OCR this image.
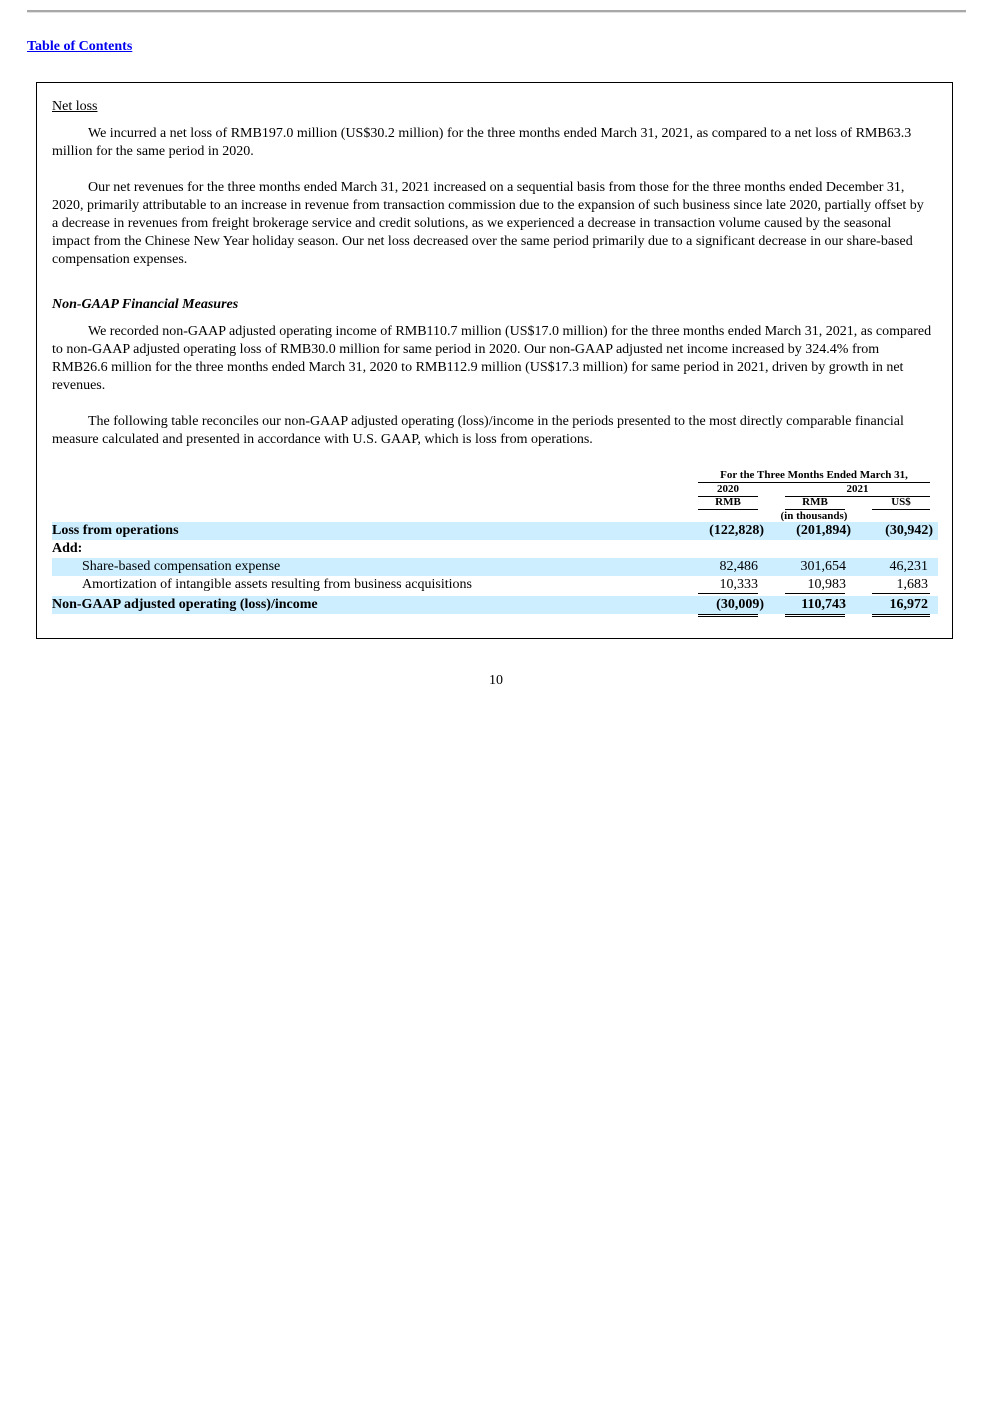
Table of Contents
Net loss

We incurred a net loss of RMB197.0 million (US$30.2 million) for the three months ended March 31, 2021, as compared to a net loss of RMB63.3 million for the same period in 2020.

Our net revenues for the three months ended March 31, 2021 increased on a sequential basis from those for the three months ended December 31, 2020, primarily attributable to an increase in revenue from transaction commission due to the expansion of such business since late 2020, partially offset by a decrease in revenues from freight brokerage service and credit solutions, as we experienced a decrease in transaction volume caused by the seasonal impact from the Chinese New Year holiday season. Our net loss decreased over the same period primarily due to a significant decrease in our share-based compensation expenses.

Non-GAAP Financial Measures

We recorded non-GAAP adjusted operating income of RMB110.7 million (US$17.0 million) for the three months ended March 31, 2021, as compared to non-GAAP adjusted operating loss of RMB30.0 million for same period in 2020. Our non-GAAP adjusted net income increased by 324.4% from RMB26.6 million for the three months ended March 31, 2020 to RMB112.9 million (US$17.3 million) for same period in 2021, driven by growth in net revenues.

The following table reconciles our non-GAAP adjusted operating (loss)/income in the periods presented to the most directly comparable financial measure calculated and presented in accordance with U.S. GAAP, which is loss from operations.

For the Three Months Ended March 31,
2020	2021
RMB	RMB	US$
(in thousands)
Loss from operations	(122,828) (201,894) (30,942)
Add:
Share-based compensation expense	82,486	301,654	46,231
Amortization of intangible assets resulting from business acquisitions	10,333	10,983	1,683
Non-GAAP adjusted operating (loss)/income	(30,009)	110,743	16,972
10
